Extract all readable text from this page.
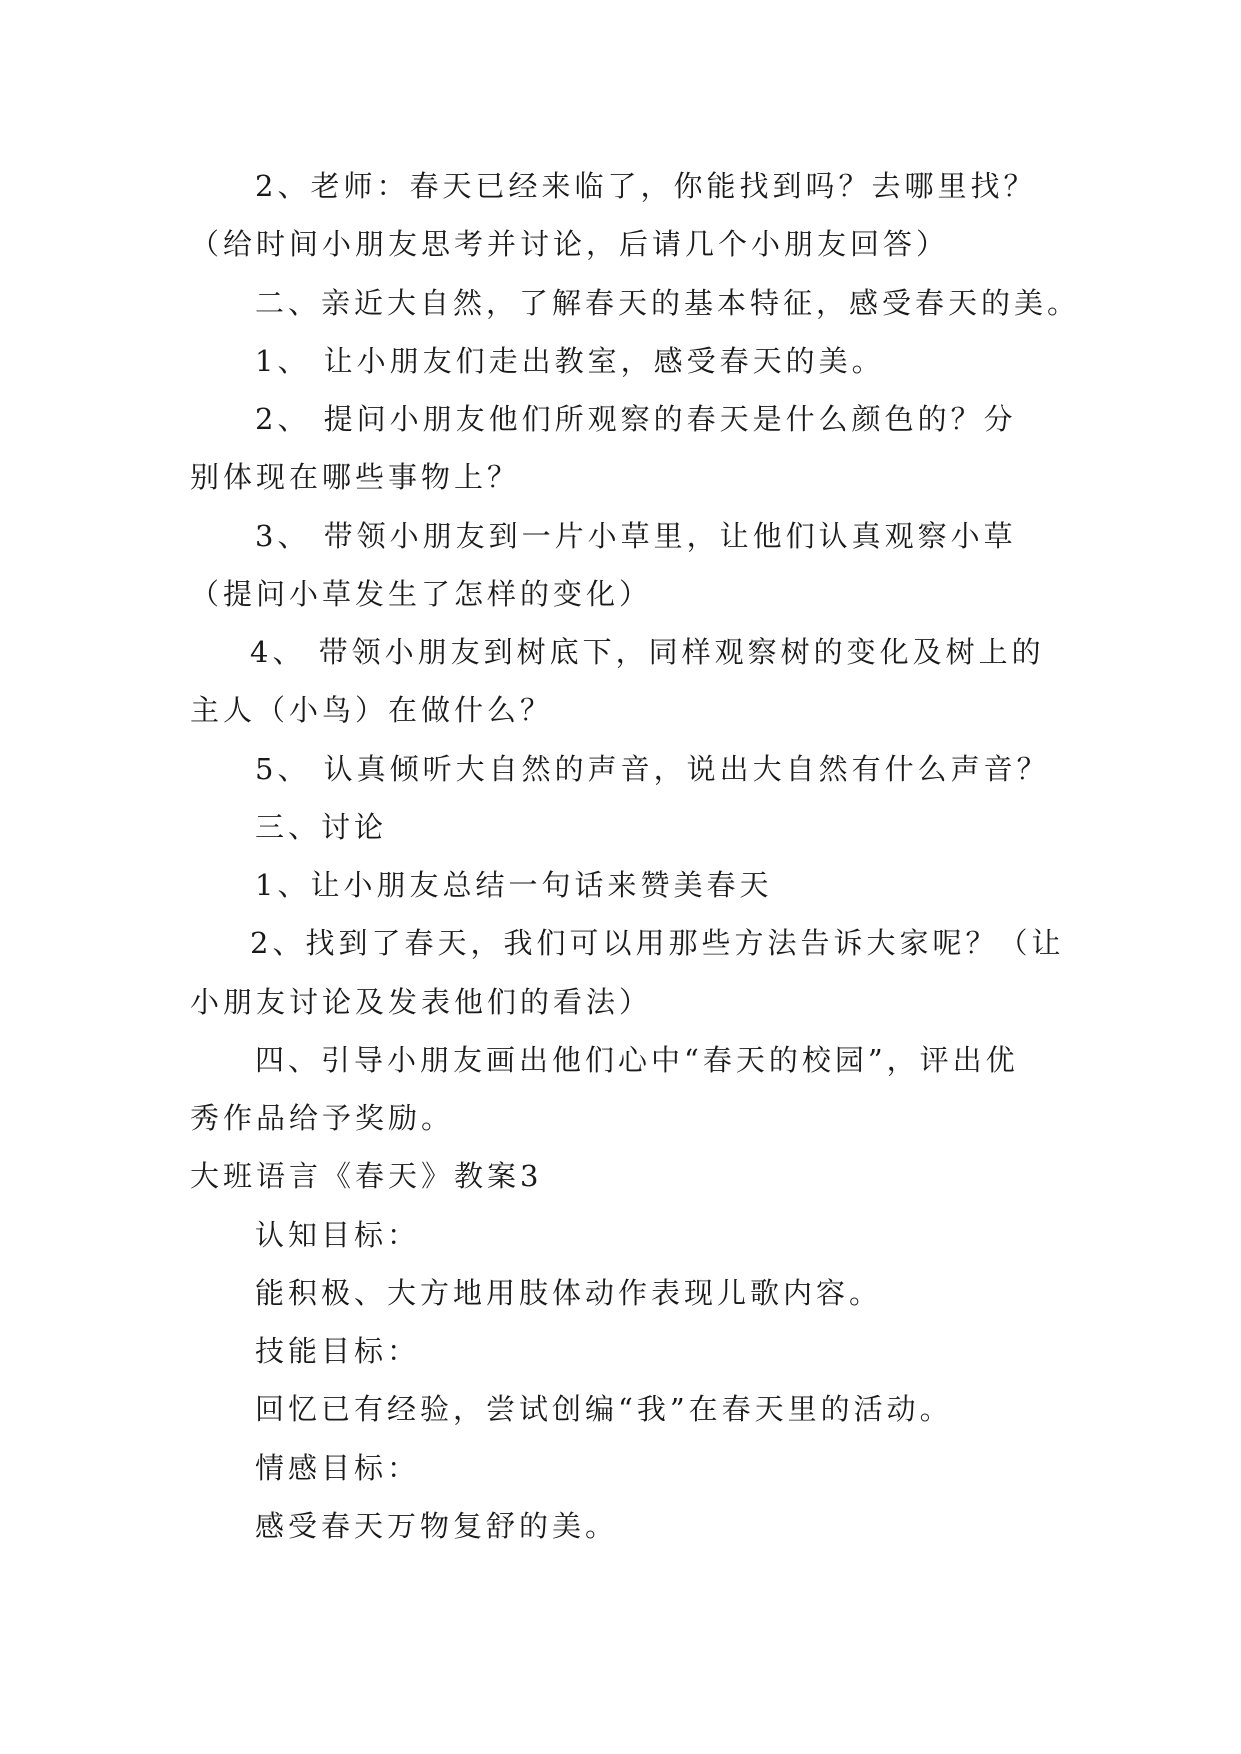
2、老师：春天已经来临了，你能找到吗？去哪里找？
（给时间小朋友思考并讨论，后请几个小朋友回答）
二、亲近大自然，了解春天的基本特征，感受春天的美。
1、 让小朋友们走出教室，感受春天的美。
2、 提问小朋友他们所观察的春天是什么颜色的？分
别体现在哪些事物上？
3、 带领小朋友到一片小草里，让他们认真观察小草
（提问小草发生了怎样的变化）
4、 带领小朋友到树底下，同样观察树的变化及树上的
主人（小鸟）在做什么？
5、 认真倾听大自然的声音，说出大自然有什么声音？
三、讨论
1、让小朋友总结一句话来赞美春天
2、找到了春天，我们可以用那些方法告诉大家呢？（让
小朋友讨论及发表他们的看法）
四、引导小朋友画出他们心中“春天的校园”，评出优
秀作品给予奖励。
大班语言《春天》教案3
认知目标：
能积极、大方地用肢体动作表现儿歌内容。
技能目标：
回忆已有经验，尝试创编“我”在春天里的活动。
情感目标：
感受春天万物复舒的美。
